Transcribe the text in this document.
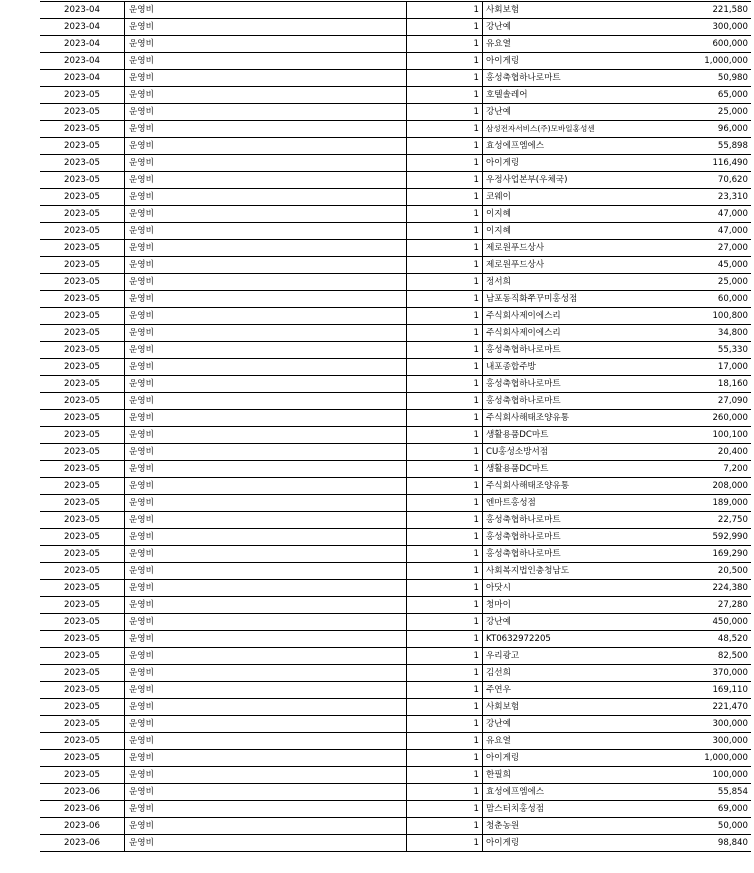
2023-04	운영비	1	사회보험	221,580
2023-04	운영비	1	강난예	300,000
2023-04	운영비	1	유요열	600,000
2023-04	운영비	1	아이게링	1,000,000
2023-04	운영비	1	홍성축협하나로마트	50,980
2023-05	운영비	1	호텔솔레어	65,000
2023-05	운영비	1	강난예	25,000
2023-05	운영비	1	삼성전자서비스(주)모바일홍성센	96,000
2023-05	운영비	1	효성에프엠에스	55,898
2023-05	운영비	1	아이게링	116,490
2023-05	운영비	1	우정사업본부(우체국)	70,620
2023-05	운영비	1	코웨이	23,310
2023-05	운영비	1	이지혜	47,000
2023-05	운영비	1	이지혜	47,000
2023-05	운영비	1	제로원푸드상사	27,000
2023-05	운영비	1	제로원푸드상사	45,000
2023-05	운영비	1	정서희	25,000
2023-05	운영비	1	남포동직화쭈꾸미홍성점	60,000
2023-05	운영비	1	주식회사제이에스리	100,800
2023-05	운영비	1	주식회사제이에스리	34,800
2023-05	운영비	1	홍성축협하나로마트	55,330
2023-05	운영비	1	내포종합주방	17,000
2023-05	운영비	1	홍성축협하나로마트	18,160
2023-05	운영비	1	홍성축협하나로마트	27,090
2023-05	운영비	1	주식회사해태조양유통	260,000
2023-05	운영비	1	생활용품DC마트	100,100
2023-05	운영비	1	CU홍성소방서점	20,400
2023-05	운영비	1	생활용품DC마트	7,200
2023-05	운영비	1	주식회사해태조양유통	208,000
2023-05	운영비	1	엔마트홍성점	189,000
2023-05	운영비	1	홍성축협하나로마트	22,750
2023-05	운영비	1	홍성축협하나로마트	592,990
2023-05	운영비	1	홍성축협하나로마트	169,290
2023-05	운영비	1	사회복지법인충청남도	20,500
2023-05	운영비	1	아닷시	224,380
2023-05	운영비	1	청마이	27,280
2023-05	운영비	1	강난예	450,000
2023-05	운영비	1	KT0632972205	48,520
2023-05	운영비	1	우리광고	82,500
2023-05	운영비	1	김선희	370,000
2023-05	운영비	1	주연우	169,110
2023-05	운영비	1	사회보험	221,470
2023-05	운영비	1	강난예	300,000
2023-05	운영비	1	유요열	300,000
2023-05	운영비	1	아이게링	1,000,000
2023-05	운영비	1	한필희	100,000
2023-06	운영비	1	효성에프엠에스	55,854
2023-06	운영비	1	맘스터치홍성점	69,000
2023-06	운영비	1	청춘농원	50,000
2023-06	운영비	1	아이게링	98,840
